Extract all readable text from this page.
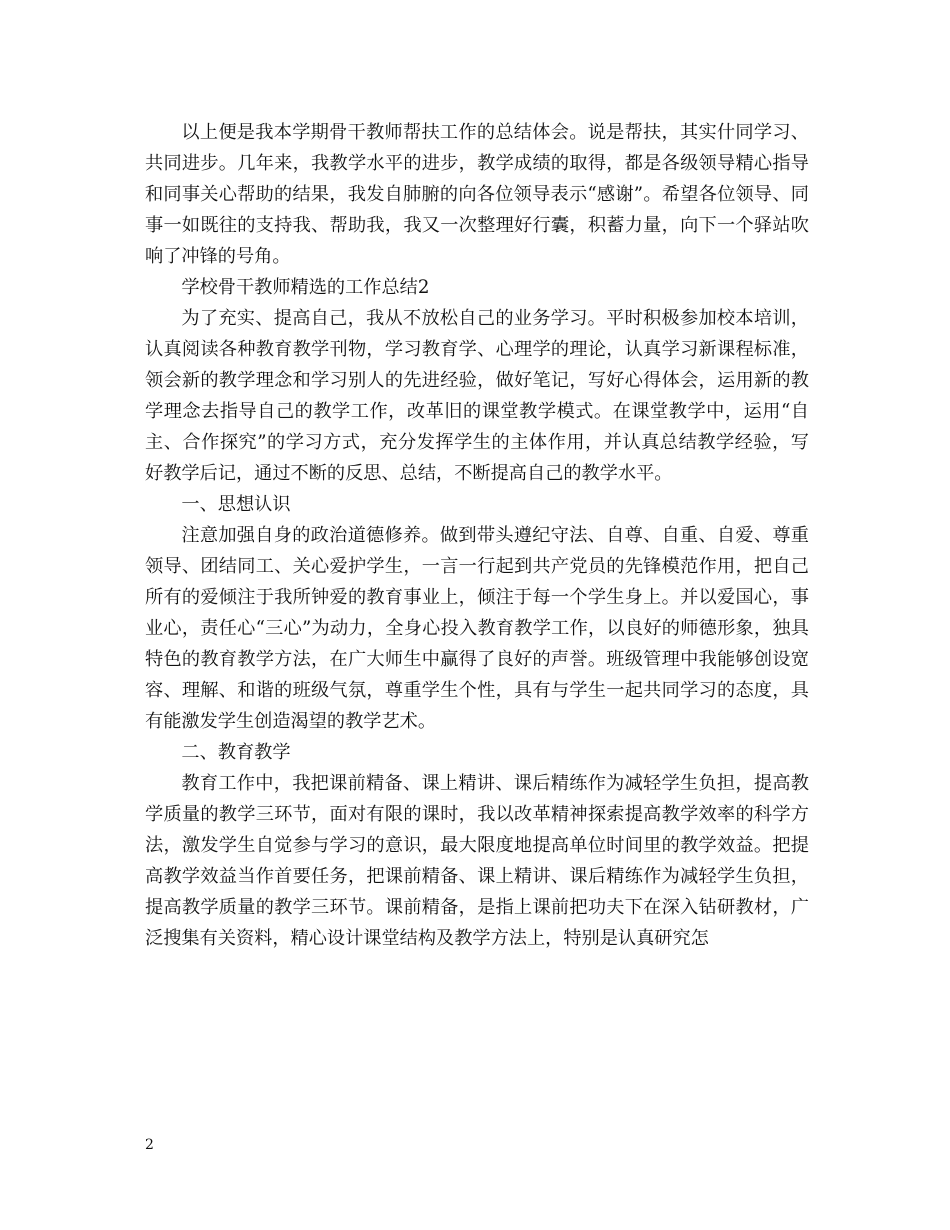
以上便是我本学期骨干教师帮扶工作的总结体会。说是帮扶，其实什同学习、共同进步。几年来，我教学水平的进步，教学成绩的取得，都是各级领导精心指导和同事关心帮助的结果，我发自肺腑的向各位领导表示“感谢”。希望各位领导、同事一如既往的支持我、帮助我，我又一次整理好行囊，积蓄力量，向下一个驿站吹响了冲锋的号角。

学校骨干教师精选的工作总结2

为了充实、提高自己，我从不放松自己的业务学习。平时积极参加校本培训，认真阅读各种教育教学刊物，学习教育学、心理学的理论，认真学习新课程标准，领会新的教学理念和学习别人的先进经验，做好笔记，写好心得体会，运用新的教学理念去指导自己的教学工作，改革旧的课堂教学模式。在课堂教学中，运用“自主、合作探究”的学习方式，充分发挥学生的主体作用，并认真总结教学经验，写好教学后记，通过不断的反思、总结，不断提高自己的教学水平。

一、思想认识

注意加强自身的政治道德修养。做到带头遵纪守法、自尊、自重、自爱、尊重领导、团结同工、关心爱护学生，一言一行起到共产党员的先锋模范作用，把自己所有的爱倾注于我所钟爱的教育事业上，倾注于每一个学生身上。并以爱国心，事业心，责任心“三心”为动力，全身心投入教育教学工作，以良好的师德形象，独具特色的教育教学方法，在广大师生中赢得了良好的声誉。班级管理中我能够创设宽容、理解、和谐的班级气氛，尊重学生个性，具有与学生一起共同学习的态度，具有能激发学生创造渴望的教学艺术。

二、教育教学

教育工作中，我把课前精备、课上精讲、课后精练作为减轻学生负担，提高教学质量的教学三环节，面对有限的课时，我以改革精神探索提高教学效率的科学方法，激发学生自觉参与学习的意识，最大限度地提高单位时间里的教学效益。把提高教学效益当作首要任务，把课前精备、课上精讲、课后精练作为减轻学生负担，提高教学质量的教学三环节。课前精备，是指上课前把功夫下在深入钻研教材，广泛搜集有关资料，精心设计课堂结构及教学方法上，特别是认真研究怎

2
